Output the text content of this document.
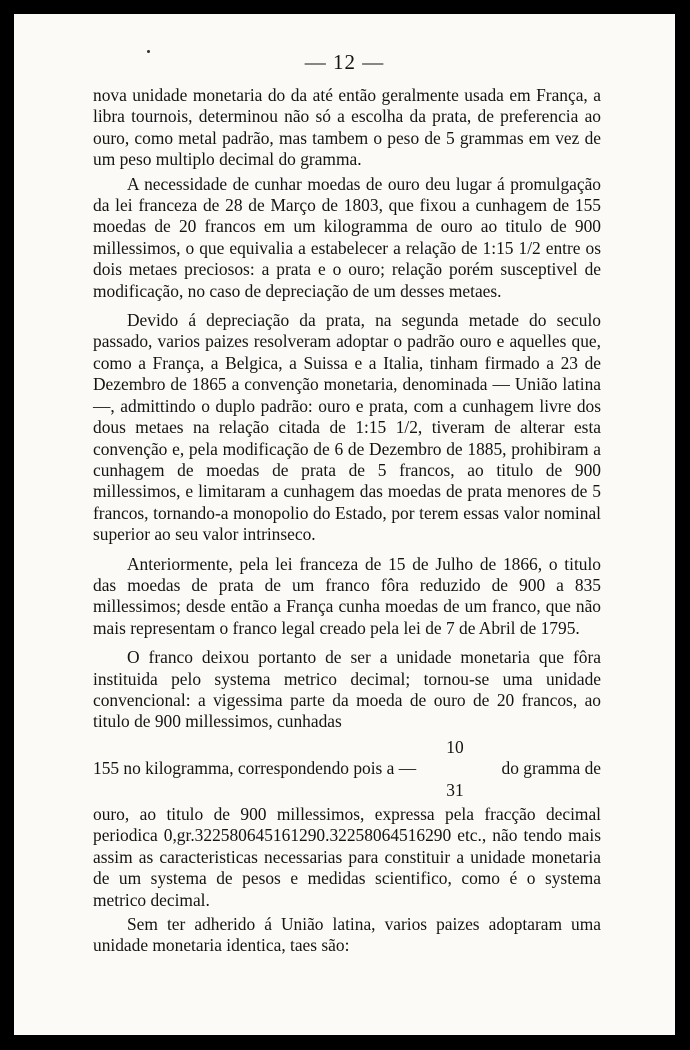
— 12 —

nova unidade monetaria do da até então geralmente usada em França, a libra tournois, determinou não só a escolha da prata, de preferencia ao ouro, como metal padrão, mas tambem o peso de 5 grammas em vez de um peso multiplo decimal do gramma.

A necessidade de cunhar moedas de ouro deu lugar á promulgação da lei franceza de 28 de Março de 1803, que fixou a cunhagem de 155 moedas de 20 francos em um kilogramma de ouro ao titulo de 900 millessimos, o que equivalia a estabelecer a relação de 1:15 1/2 entre os dois metaes preciosos: a prata e o ouro; relação porém susceptivel de modificação, no caso de depreciação de um desses metaes.

Devido á depreciação da prata, na segunda metade do seculo passado, varios paizes resolveram adoptar o padrão ouro e aquelles que, como a França, a Belgica, a Suissa e a Italia, tinham firmado a 23 de Dezembro de 1865 a convenção monetaria, denominada — União latina —, admittindo o duplo padrão: ouro e prata, com a cunhagem livre dos dous metaes na relação citada de 1:15 1/2, tiveram de alterar esta convenção e, pela modificação de 6 de Dezembro de 1885, prohibiram a cunhagem de moedas de prata de 5 francos, ao titulo de 900 millessimos, e limitaram a cunhagem das moedas de prata menores de 5 francos, tornando-a monopolio do Estado, por terem essas valor nominal superior ao seu valor intrinseco.

Anteriormente, pela lei franceza de 15 de Julho de 1866, o titulo das moedas de prata de um franco fôra reduzido de 900 a 835 millessimos; desde então a França cunha moedas de um franco, que não mais representam o franco legal creado pela lei de 7 de Abril de 1795.

O franco deixou portanto de ser a unidade monetaria que fôra instituida pelo systema metrico decimal; tornou-se uma unidade convencional: a vigessima parte da moeda de ouro de 20 francos, ao titulo de 900 millessimos, cunhadas

10
155 no kilogramma, correspondendo pois a —	do gramma de
31

ouro, ao titulo de 900 millessimos, expressa pela fracção decimal periodica 0,gr.322580645161290.32258064516290 etc., não tendo mais assim as caracteristicas necessarias para constituir a unidade monetaria de um systema de pesos e medidas scientifico, como é o systema metrico decimal.

Sem ter adherido á União latina, varios paizes adoptaram uma unidade monetaria identica, taes são:
